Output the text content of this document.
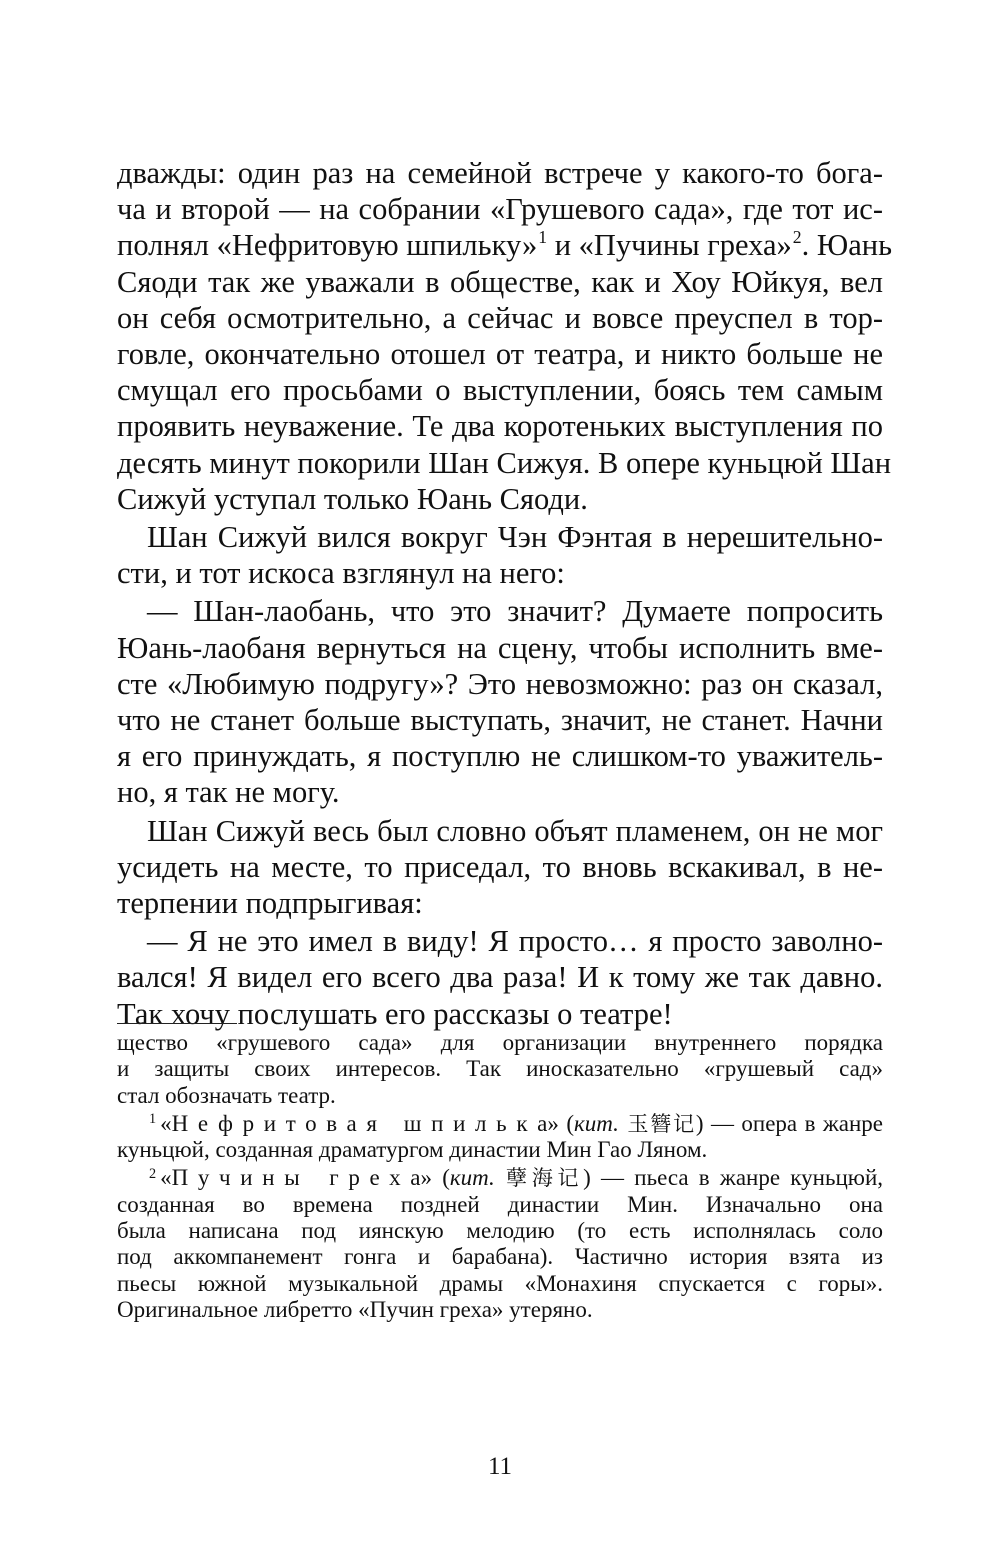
дважды: один раз на семейной встрече у какого-то бога-
ча и второй — на собрании «Грушевого сада», где тот ис-
полнял «Нефритовую шпильку»$^1$ и «Пучины греха»$^2$. Юань
Сяоди так же уважали в обществе, как и Хоу Юйкуя, вел
он себя осмотрительно, а сейчас и вовсе преуспел в тор-
говле, окончательно отошел от театра, и никто больше не
смущал его просьбами о выступлении, боясь тем самым
проявить неуважение. Те два коротеньких выступления по
десять минут покорили Шан Сижуя. В опере куньцюй Шан
Сижуй уступал только Юань Сяоди.
Шан Сижуй вился вокруг Чэн Фэнтая в нерешительно-
сти, и тот искоса взглянул на него:
— Шан-лаобань, что это значит? Думаете попросить
Юань-лаобаня вернуться на сцену, чтобы исполнить вме-
сте «Любимую подругу»? Это невозможно: раз он сказал,
что не станет больше выступать, значит, не станет. Начни
я его принуждать, я поступлю не слишком-то уважитель-
но, я так не могу.
Шан Сижуй весь был словно объят пламенем, он не мог
усидеть на месте, то приседал, то вновь вскакивал, в не-
терпении подпрыгивая:
— Я не это имел в виду! Я просто… я просто заволно-
вался! Я видел его всего два раза! И к тому же так давно.
Так хочу послушать его рассказы о театре!
щество «грушевого сада» для организации внутреннего порядка
и защиты своих интересов. Так иносказательно «грушевый сад»
стал обозначать театр.
$^1$ «Нефритовая шпилька» (кит. 玉簪记) — опера в жанре
куньцюй, созданная драматургом династии Мин Гао Ляном.
$^2$ «Пучины греха» (кит. 孽海记) — пьеса в жанре куньцюй,
созданная во времена поздней династии Мин. Изначально она
была написана под иянскую мелодию (то есть исполнялась соло
под аккомпанемент гонга и барабана). Частично история взята из
пьесы южной музыкальной драмы «Монахиня спускается с горы».
Оригинальное либретто «Пучин греха» утеряно.
11
